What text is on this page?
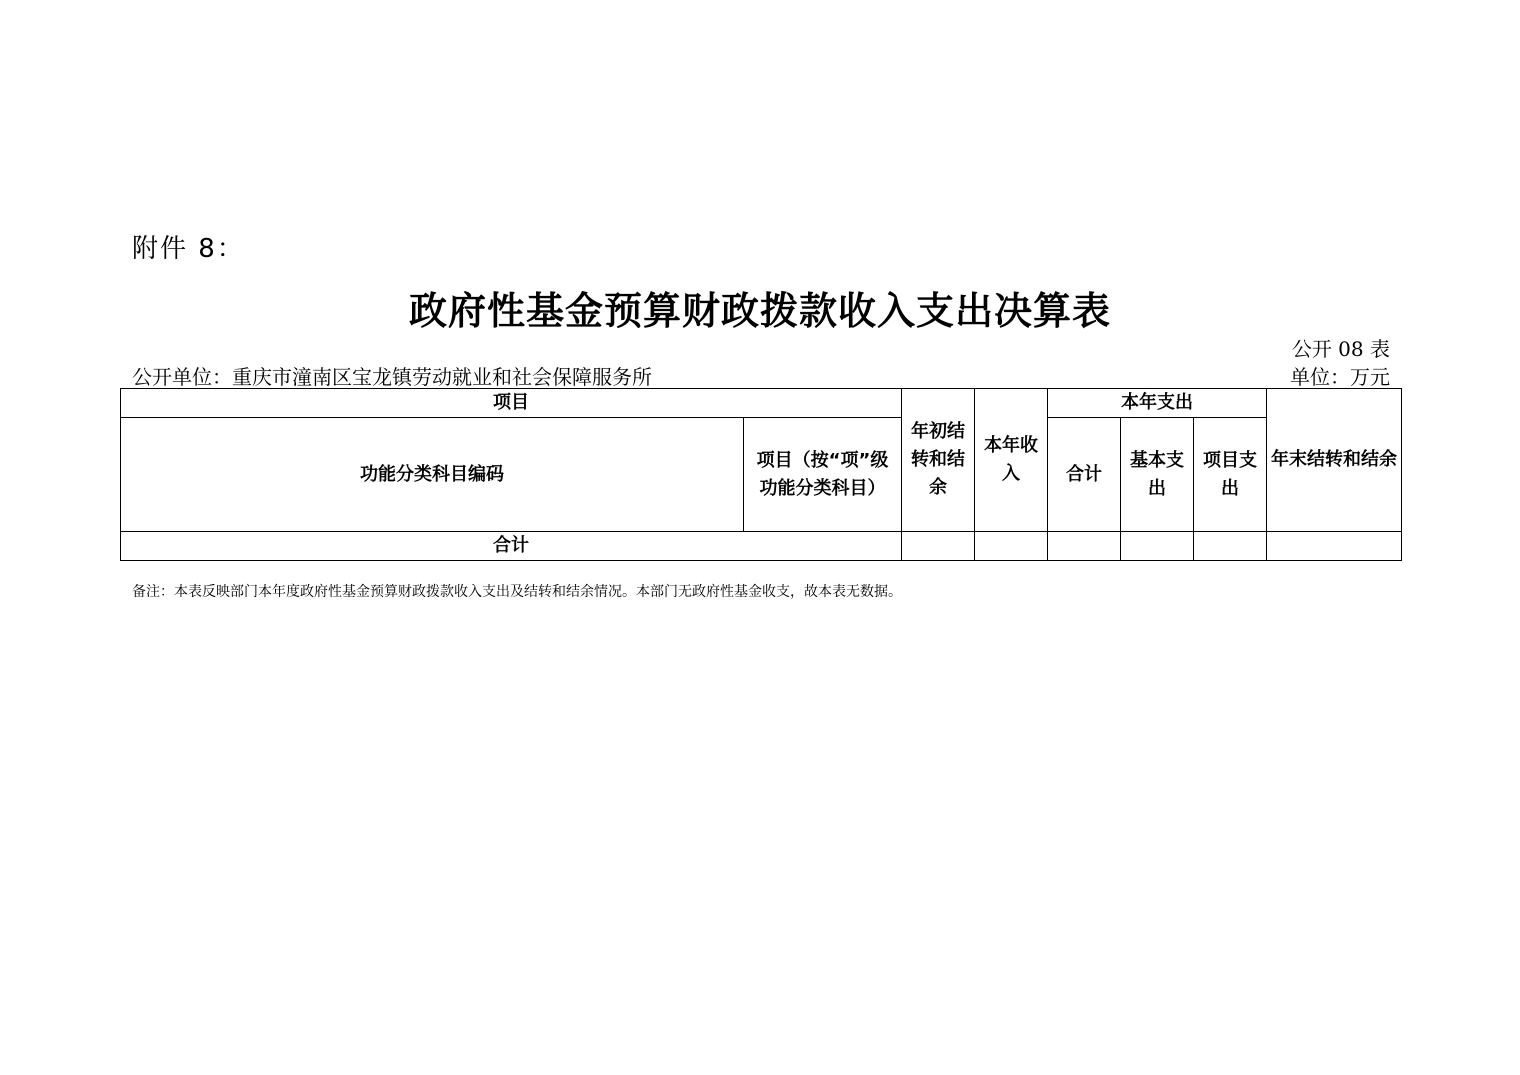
附件 8：
政府性基金预算财政拨款收入支出决算表
公开 08 表
公开单位：重庆市潼南区宝龙镇劳动就业和社会保障服务所	单位：万元
项目		年初结转和结余	本年收入	本年支出			年末结转和结余
功能分类科目编码	项目（按“项”级功能分类科目）			合计	基本支出	项目支出	
合计							
备注：本表反映部门本年度政府性基金预算财政拨款收入支出及结转和结余情况。本部门无政府性基金收支，故本表无数据。
